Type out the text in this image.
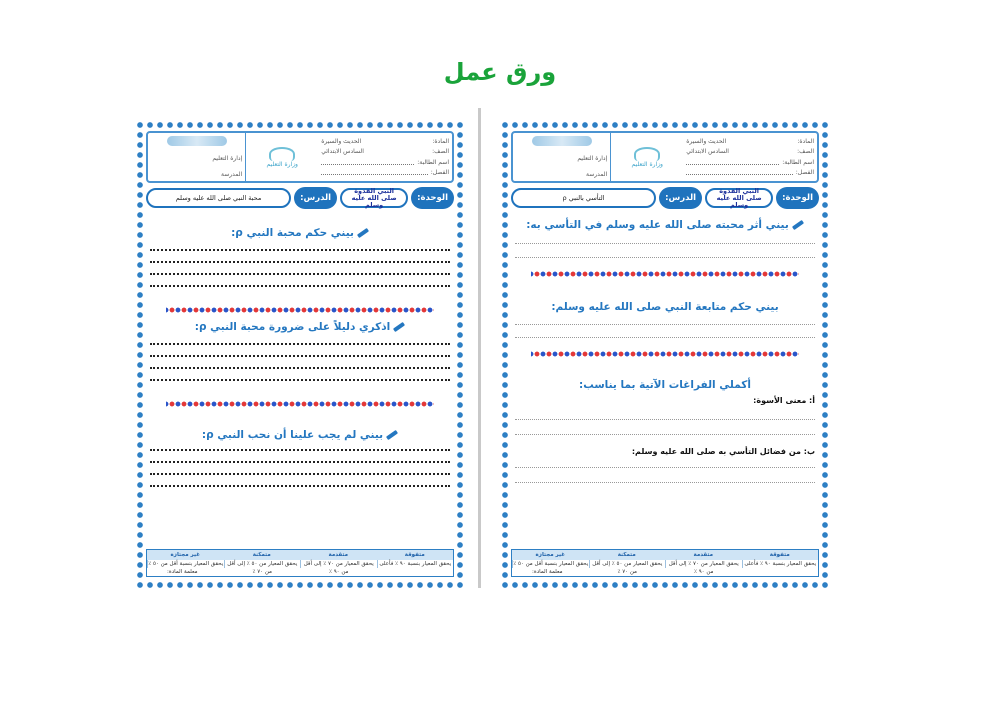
ورق عمل
المادة:
الحديث والسيرة
الصف:
السادس الابتدائي
اسم الطالبة:
الفصل:
وزارة التعليم
إدارة التعليم
المدرسة
الوحدة:
النبي القدوة صلى الله عليه وسلم
الدرس:
التأسي بالنبي ρ
بيني أثر محبته صلى الله عليه وسلم في التأسي به:
بيني حكم متابعة النبي صلى الله عليه وسلم:
أكملي الفراغات الآتية بما يناسب:
أ: معنى الأسوة:
ب: من فضائل التأسي به صلى الله عليه وسلم:
متفوقة
متقدمة
متمكنة
غير مجتازة
يحقق المعيار بنسبة ٩٠ ٪ فأعلى
يحقق المعيار من ٧٠ ٪ إلى أقل من ٩٠ ٪
يحقق المعيار من ٥٠ ٪ إلى أقل من ٧٠ ٪
يحقق المعيار بنسبة أقل من ٥٠ ٪
معلمة المادة:
المادة:
الحديث والسيرة
الصف:
السادس الابتدائي
اسم الطالبة:
الفصل:
وزارة التعليم
إدارة التعليم
المدرسة
الوحدة:
النبي القدوة صلى الله عليه وسلم
الدرس:
محبة النبي صلى الله عليه وسلم
بيني حكم محبة النبي ρ:
اذكري دليلاً على ضرورة محبة النبي ρ:
بيني لم يجب علينا أن نحب النبي ρ:
متفوقة
متقدمة
متمكنة
غير مجتازة
يحقق المعيار بنسبة ٩٠ ٪ فأعلى
يحقق المعيار من ٧٠ ٪ إلى أقل من ٩٠ ٪
يحقق المعيار من ٥٠ ٪ إلى أقل من ٧٠ ٪
يحقق المعيار بنسبة أقل من ٥٠ ٪
معلمة المادة:
